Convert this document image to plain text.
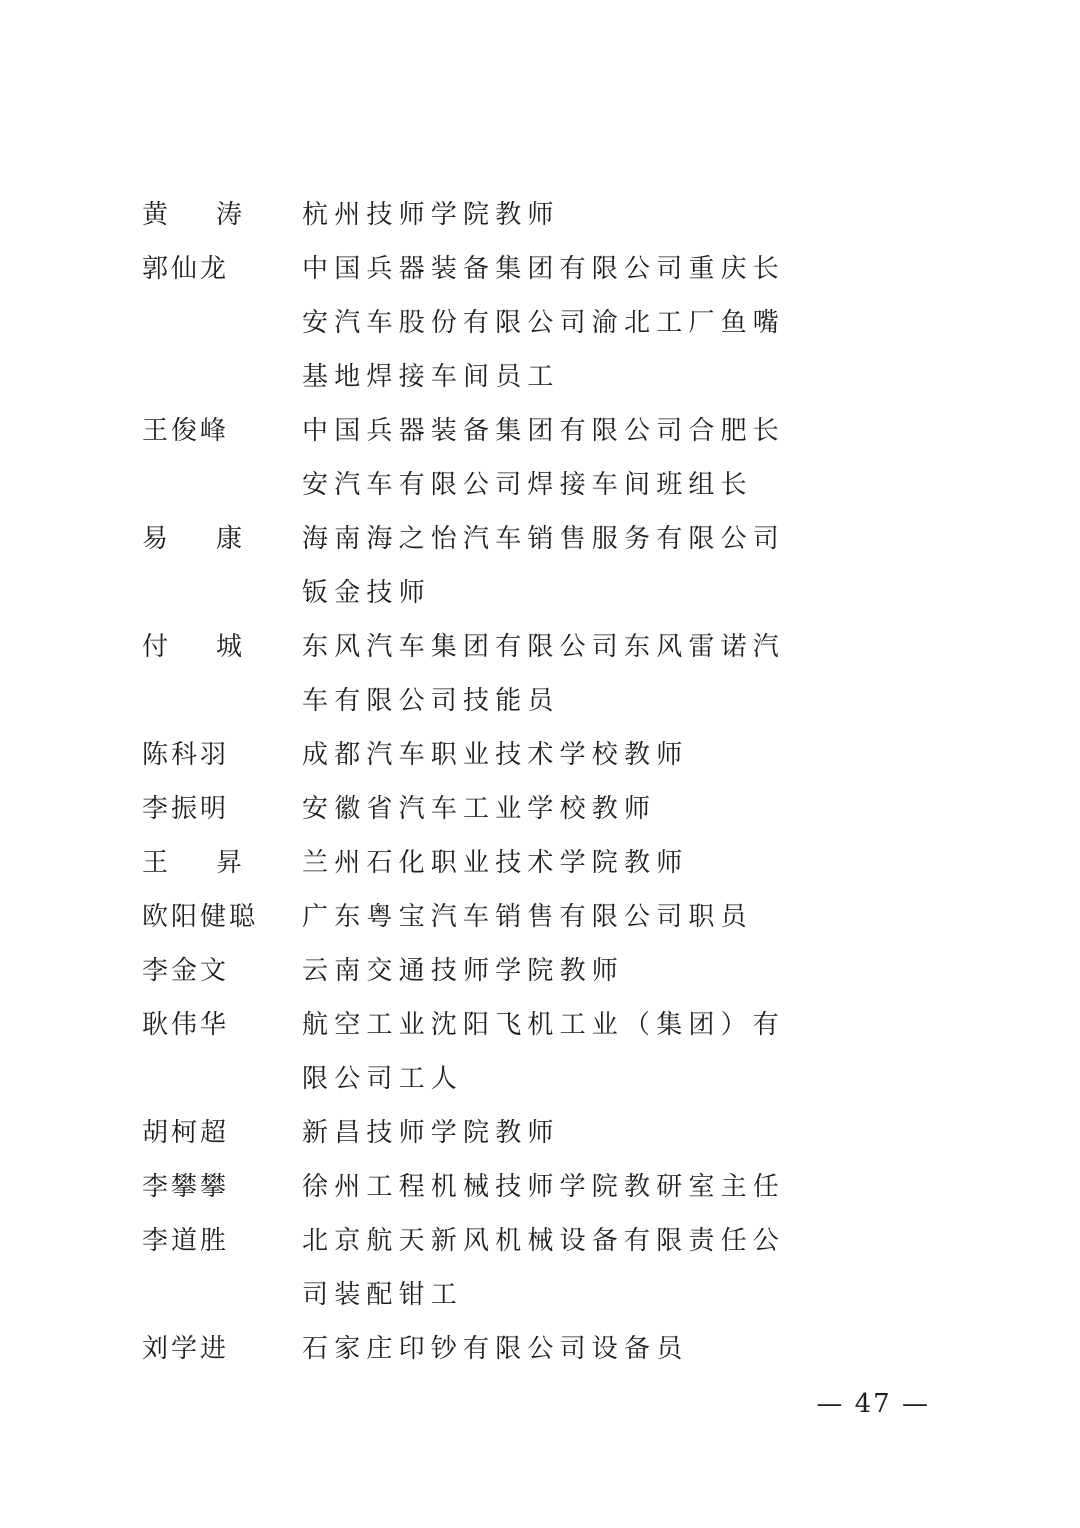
黄    涛	杭州技师学院教师
郭仙龙	中国兵器装备集团有限公司重庆长安汽车股份有限公司渝北工厂鱼嘴基地焊接车间员工
王俊峰	中国兵器装备集团有限公司合肥长安汽车有限公司焊接车间班组长
易    康	海南海之怡汽车销售服务有限公司钣金技师
付    城	东风汽车集团有限公司东风雷诺汽车有限公司技能员
陈科羽	成都汽车职业技术学校教师
李振明	安徽省汽车工业学校教师
王    昇	兰州石化职业技术学院教师
欧阳健聪	广东粤宝汽车销售有限公司职员
李金文	云南交通技师学院教师
耿伟华	航空工业沈阳飞机工业（集团）有限公司工人
胡柯超	新昌技师学院教师
李攀攀	徐州工程机械技师学院教研室主任
李道胜	北京航天新风机械设备有限责任公司装配钳工
刘学进	石家庄印钞有限公司设备员
— 47 —
